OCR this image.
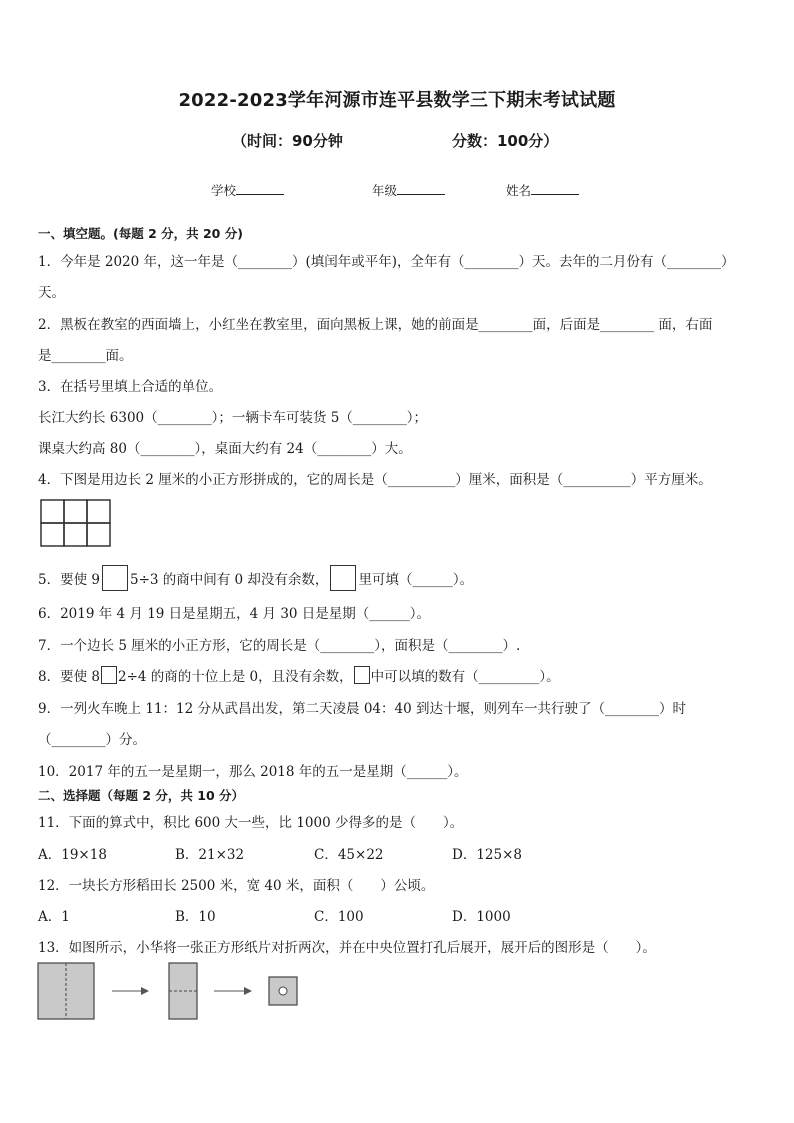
2022-2023学年河源市连平县数学三下期末考试试题
（时间：90分钟	分数：100分）
学校	年级	姓名
一、填空题。(每题 2 分，共 20 分)
1．今年是 2020 年，这一年是（________）(填闰年或平年)，全年有（________）天。去年的二月份有（________）
天。
2．黑板在教室的西面墙上，小红坐在教室里，面向黑板上课，她的前面是________面，后面是________ 面，右面
是________面。
3．在括号里填上合适的单位。
长江大约长 6300（________）；一辆卡车可装货 5（________）；
课桌大约高 80（________），桌面大约有 24（________）大。
4．下图是用边长 2 厘米的小正方形拼成的，它的周长是（__________）厘米，面积是（__________）平方厘米。
5．要使 9 5÷3 的商中间有 0 却没有余数， 里可填（______）。
6．2019 年 4 月 19 日是星期五，4 月 30 日是星期（______）。
7．一个边长 5 厘米的小正方形，它的周长是（________），面积是（________）.
8．要使 8 2÷4 的商的十位上是 0，且没有余数， 中可以填的数有（_________）。
9．一列火车晚上 11：12 分从武昌出发，第二天凌晨 04：40 到达十堰，则列车一共行驶了（________）时
（________）分。
10．2017 年的五一是星期一，那么 2018 年的五一是星期（______）。
二、选择题（每题 2 分，共 10 分）
11．下面的算式中，积比 600 大一些，比 1000 少得多的是（　　）。
A．19×18	B．21×32	C．45×22	D．125×8
12．一块长方形稻田长 2500 米，宽 40 米，面积（　　）公顷。
A．1	B．10	C．100	D．1000
13．如图所示，小华将一张正方形纸片对折两次，并在中央位置打孔后展开，展开后的图形是（　　）。
